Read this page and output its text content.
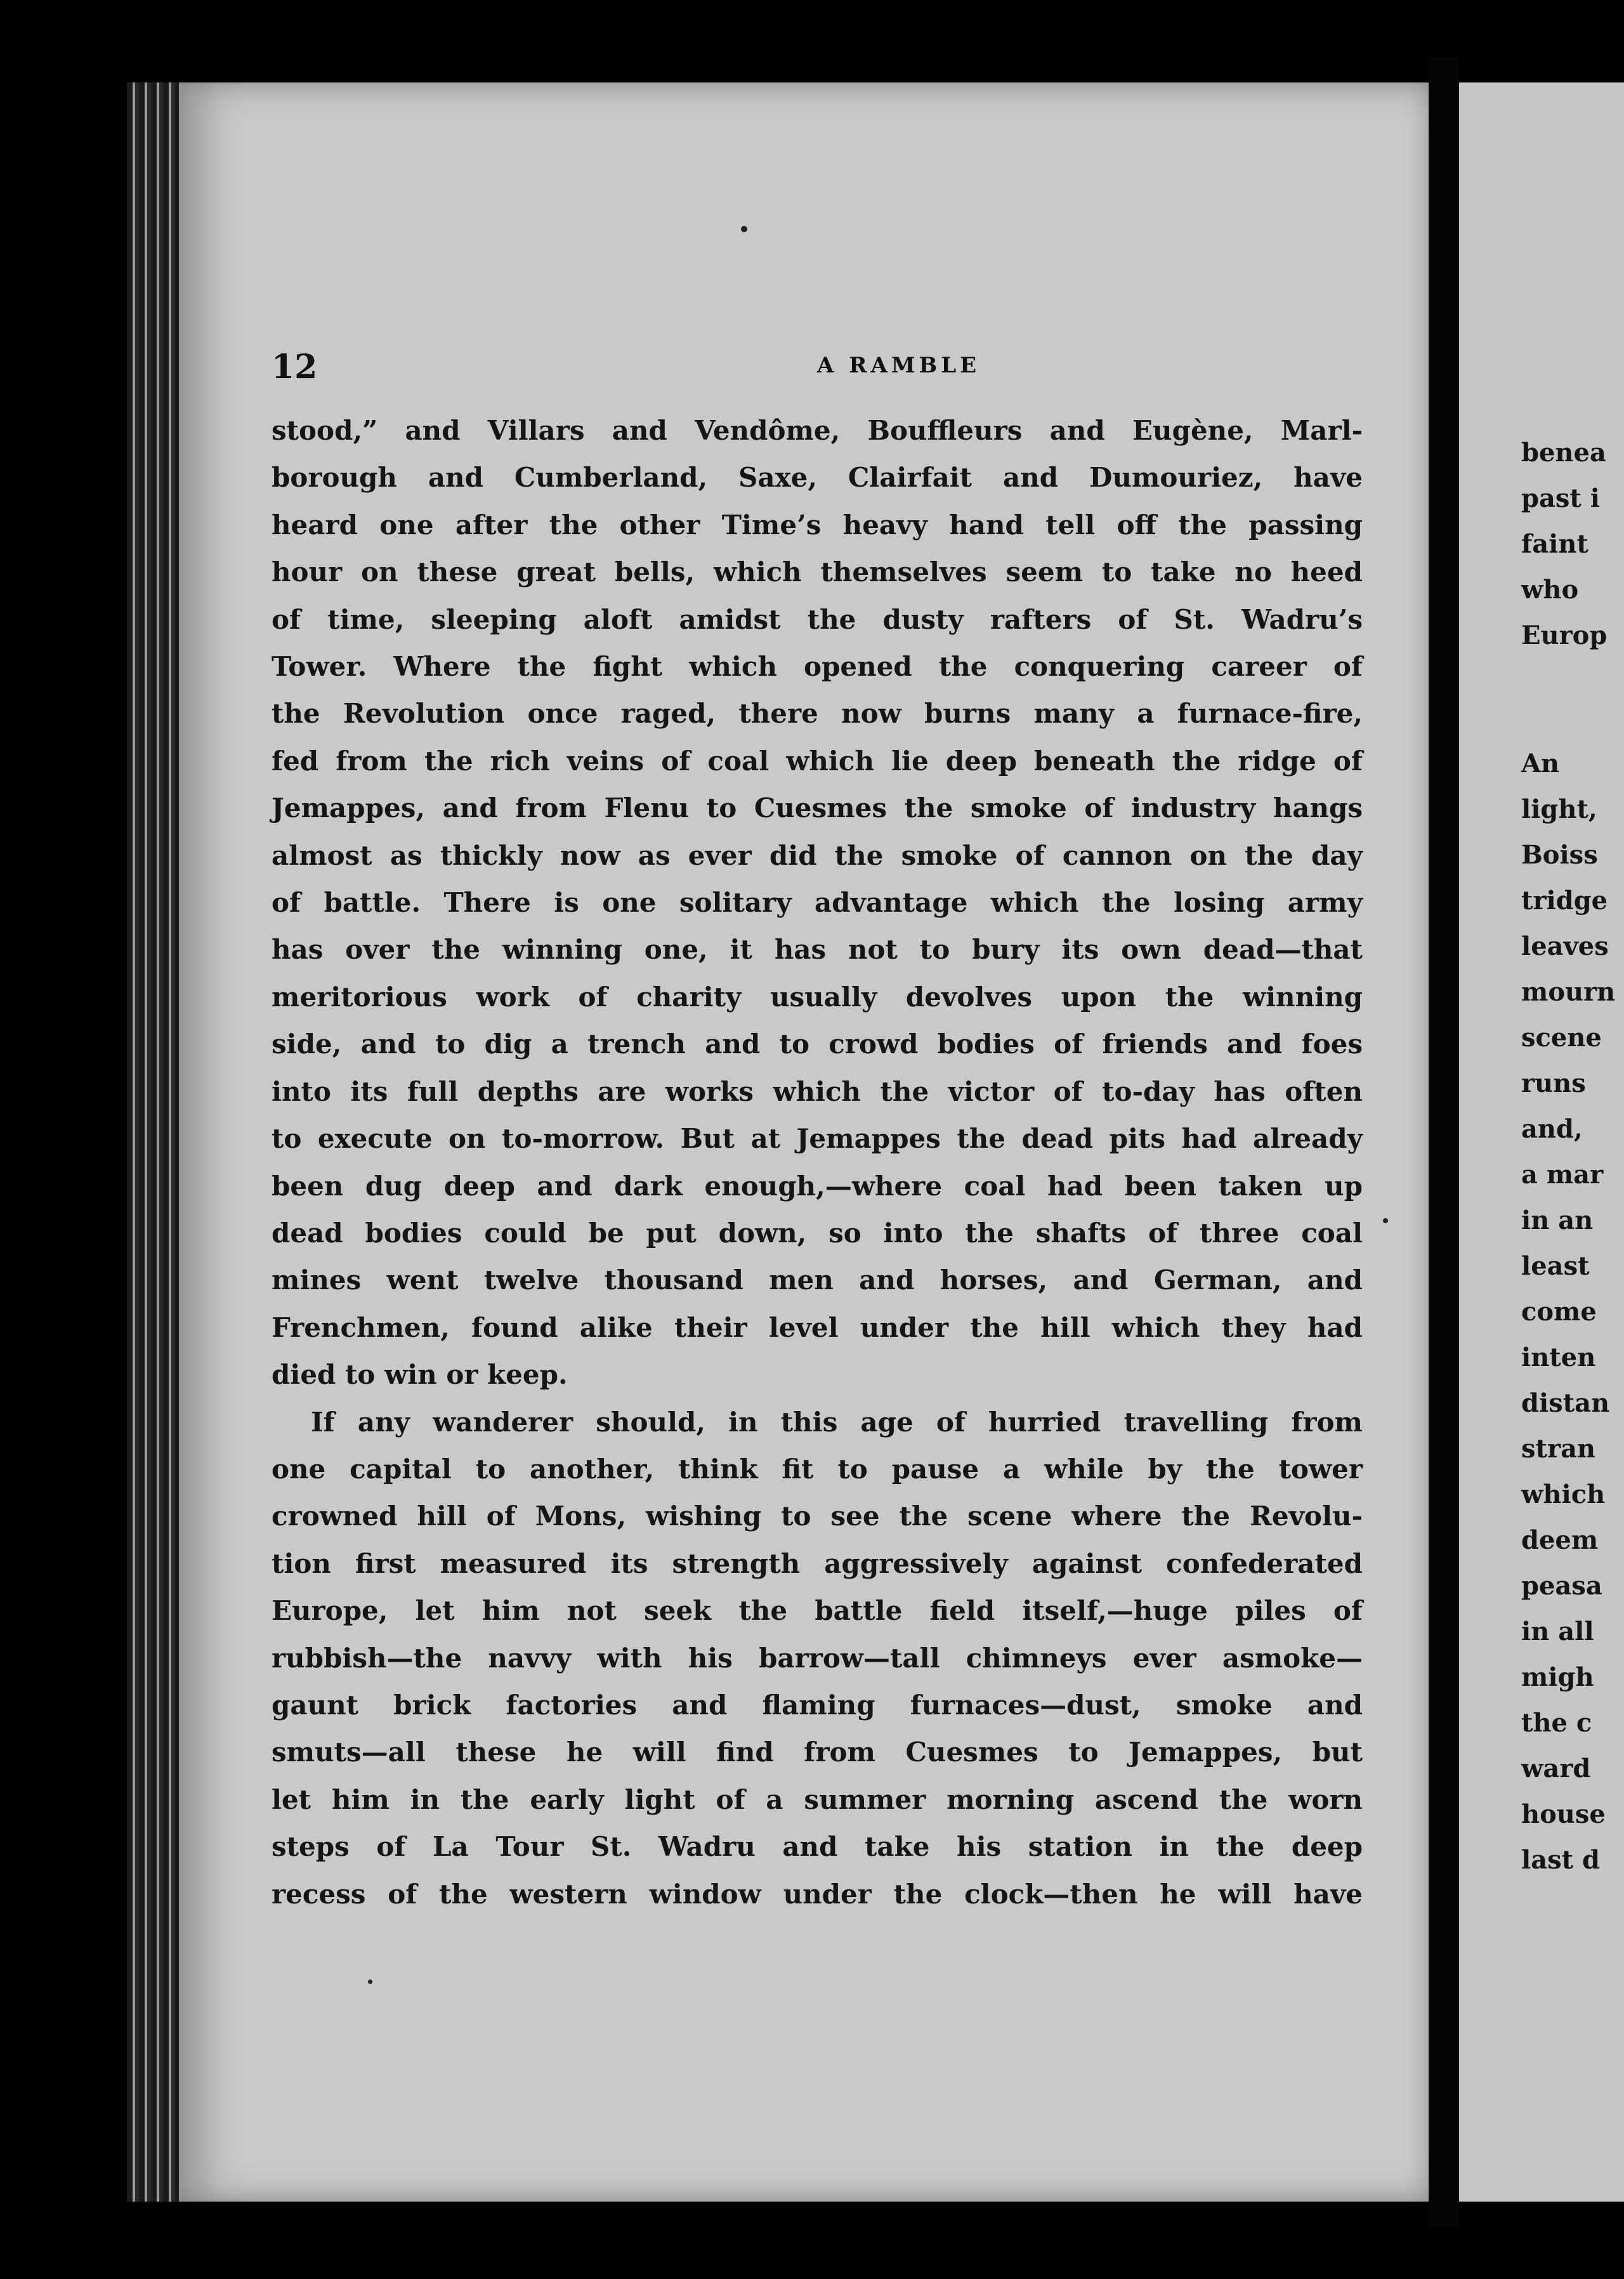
12	A RAMBLE
stood,” and Villars and Vendôme, Bouffleurs and Eugène, Marl-
borough and Cumberland, Saxe, Clairfait and Dumouriez, have
heard one after the other Time’s heavy hand tell off the passing
hour on these great bells, which themselves seem to take no heed
of time, sleeping aloft amidst the dusty rafters of St. Wadru’s
Tower. Where the fight which opened the conquering career of
the Revolution once raged, there now burns many a furnace-fire,
fed from the rich veins of coal which lie deep beneath the ridge of
Jemappes, and from Flenu to Cuesmes the smoke of industry hangs
almost as thickly now as ever did the smoke of cannon on the day
of battle. There is one solitary advantage which the losing army
has over the winning one, it has not to bury its own dead—that
meritorious work of charity usually devolves upon the winning
side, and to dig a trench and to crowd bodies of friends and foes
into its full depths are works which the victor of to-day has often
to execute on to-morrow. But at Jemappes the dead pits had already
been dug deep and dark enough,—where coal had been taken up
dead bodies could be put down, so into the shafts of three coal
mines went twelve thousand men and horses, and German, and
Frenchmen, found alike their level under the hill which they had
died to win or keep.
If any wanderer should, in this age of hurried travelling from
one capital to another, think fit to pause a while by the tower
crowned hill of Mons, wishing to see the scene where the Revolu-
tion first measured its strength aggressively against confederated
Europe, let him not seek the battle field itself,—huge piles of
rubbish—the navvy with his barrow—tall chimneys ever asmoke—
gaunt brick factories and flaming furnaces—dust, smoke and
smuts—all these he will find from Cuesmes to Jemappes, but
let him in the early light of a summer morning ascend the worn
steps of La Tour St. Wadru and take his station in the deep
recess of the western window under the clock—then he will have
benea
past i
faint
who
Europ
An
light,
Boiss
tridge
leaves
mourn
scene
runs
and,
a mar
in an
least
come
inten
distan
stran
which
deem
peasa
in all
migh
the c
ward
house
last d
